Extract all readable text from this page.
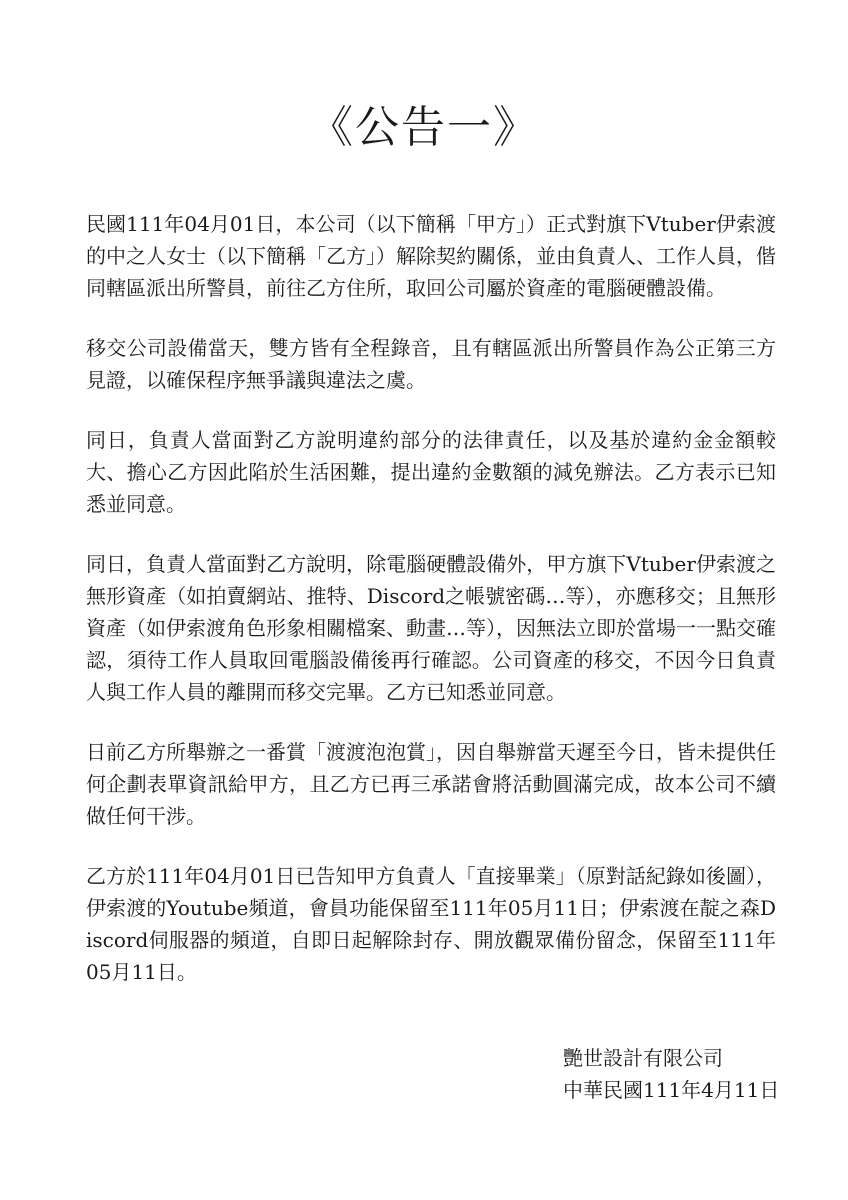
《公告一》

民國111年04月01日，本公司（以下簡稱「甲方」）正式對旗下Vtuber伊索渡的中之人女士（以下簡稱「乙方」）解除契約關係，並由負責人、工作人員，偕同轄區派出所警員，前往乙方住所，取回公司屬於資產的電腦硬體設備。

移交公司設備當天，雙方皆有全程錄音，且有轄區派出所警員作為公正第三方見證，以確保程序無爭議與違法之虞。

同日，負責人當面對乙方說明違約部分的法律責任，以及基於違約金金額較大、擔心乙方因此陷於生活困難，提出違約金數額的減免辦法。乙方表示已知悉並同意。

同日，負責人當面對乙方說明，除電腦硬體設備外，甲方旗下Vtuber伊索渡之無形資產（如拍賣網站、推特、Discord之帳號密碼…等），亦應移交；且無形資產（如伊索渡角色形象相關檔案、動畫…等），因無法立即於當場一一點交確認，須待工作人員取回電腦設備後再行確認。公司資產的移交，不因今日負責人與工作人員的離開而移交完畢。乙方已知悉並同意。

日前乙方所舉辦之一番賞「渡渡泡泡賞」，因自舉辦當天遲至今日，皆未提供任何企劃表單資訊給甲方，且乙方已再三承諾會將活動圓滿完成，故本公司不續做任何干涉。

乙方於111年04月01日已告知甲方負責人「直接畢業」（原對話紀錄如後圖），伊索渡的Youtube頻道，會員功能保留至111年05月11日；伊索渡在靛之森Discord伺服器的頻道，自即日起解除封存、開放觀眾備份留念，保留至111年05月11日。

艷世設計有限公司
中華民國111年4月11日
